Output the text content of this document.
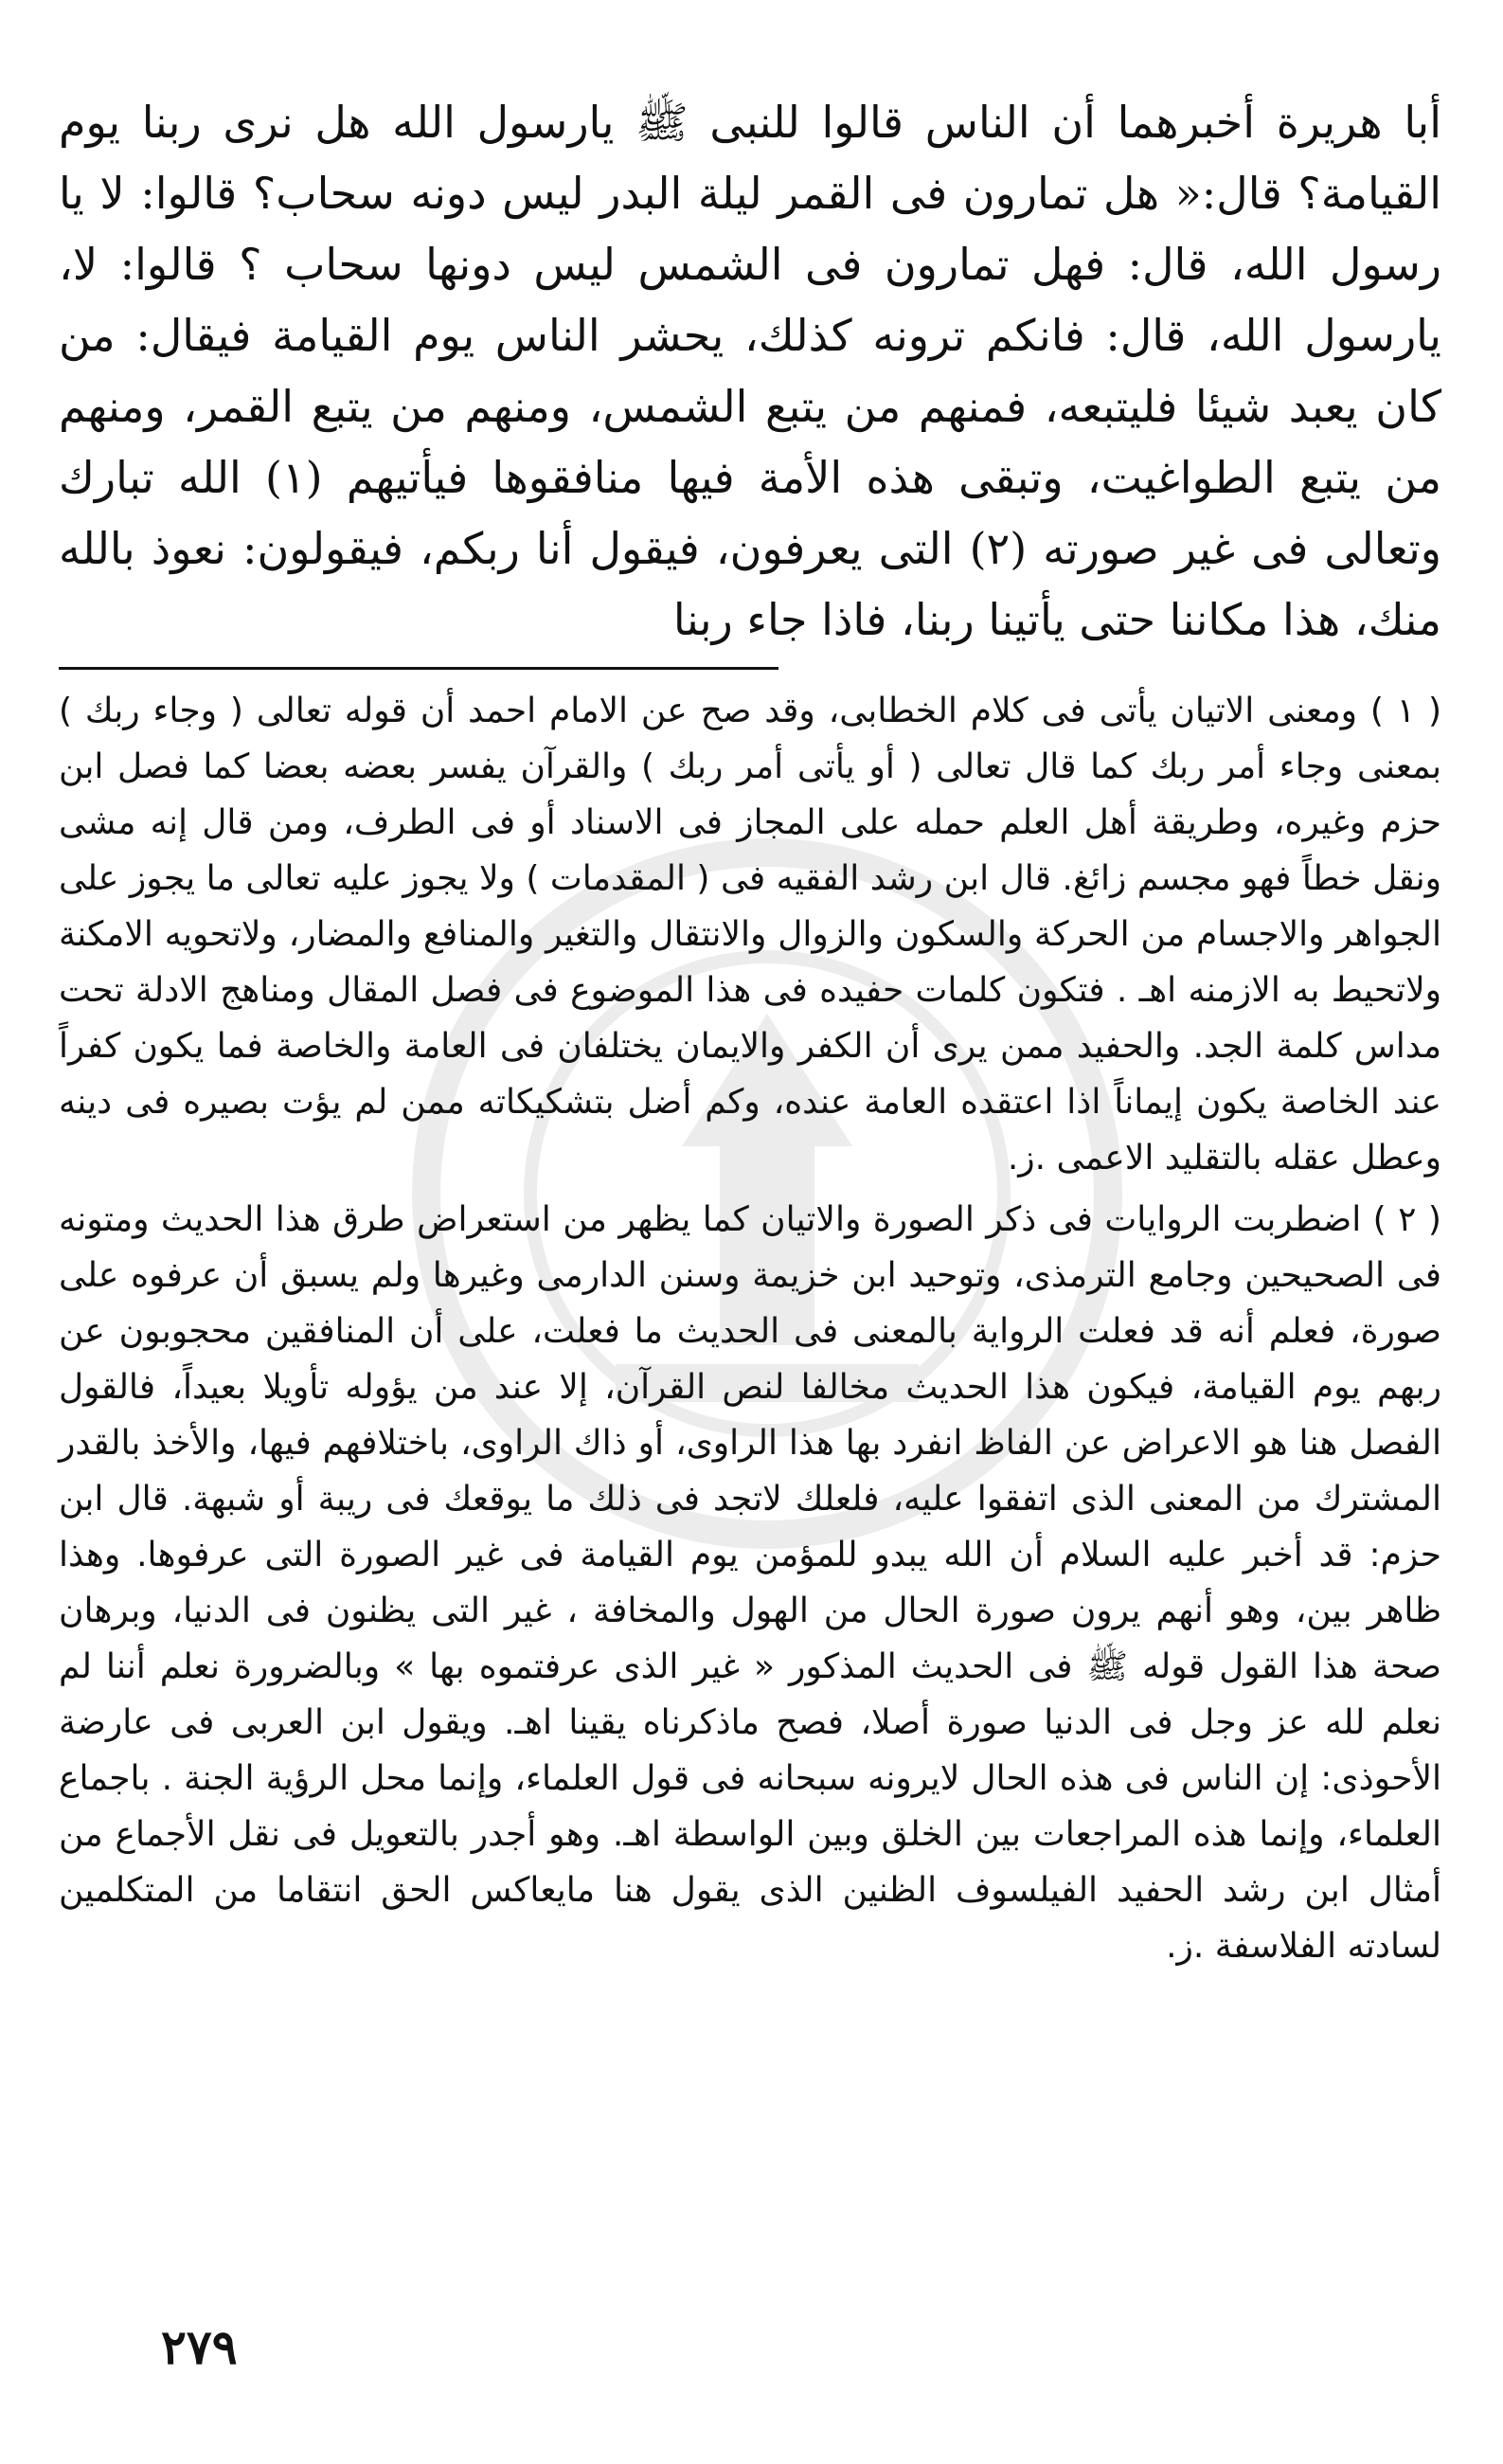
أبا هريرة أخبرهما أن الناس قالوا للنبى ﷺ يارسول الله هل نرى ربنا يوم القيامة؟ قال:« هل تمارون فى القمر ليلة البدر ليس دونه سحاب؟ قالوا: لا يا رسول الله، قال: فهل تمارون فى الشمس ليس دونها سحاب ؟ قالوا: لا، يارسول الله، قال: فانكم ترونه كذلك، يحشر الناس يوم القيامة فيقال: من كان يعبد شيئا فليتبعه، فمنهم من يتبع الشمس، ومنهم من يتبع القمر، ومنهم من يتبع الطواغيت، وتبقى هذه الأمة فيها منافقوها فيأتيهم (١) الله تبارك وتعالى فى غير صورته (٢) التى يعرفون، فيقول أنا ربكم، فيقولون: نعوذ بالله منك، هذا مكاننا حتى يأتينا ربنا، فاذا جاء ربنا

( ١ ) ومعنى الاتيان يأتى فى كلام الخطابى، وقد صح عن الامام احمد أن قوله تعالى ( وجاء ربك ) بمعنى وجاء أمر ربك كما قال تعالى ( أو يأتى أمر ربك ) والقرآن يفسر بعضه بعضا كما فصل ابن حزم وغيره، وطريقة أهل العلم حمله على المجاز فى الاسناد أو فى الطرف، ومن قال إنه مشى ونقل خطاً فهو مجسم زائغ. قال ابن رشد الفقيه فى ( المقدمات ) ولا يجوز عليه تعالى ما يجوز على الجواهر والاجسام من الحركة والسكون والزوال والانتقال والتغير والمنافع والمضار، ولاتحويه الامكنة ولاتحيط به الازمنه اهـ . فتكون كلمات حفيده فى هذا الموضوع فى فصل المقال ومناهج الادلة تحت مداس كلمة الجد. والحفيد ممن يرى أن الكفر والايمان يختلفان فى العامة والخاصة فما يكون كفراً عند الخاصة يكون إيماناً اذا اعتقده العامة عنده، وكم أضل بتشكيكاته ممن لم يؤت بصيره فى دينه وعطل عقله بالتقليد الاعمى .ز.

( ٢ ) اضطربت الروايات فى ذكر الصورة والاتيان كما يظهر من استعراض طرق هذا الحديث ومتونه فى الصحيحين وجامع الترمذى، وتوحيد ابن خزيمة وسنن الدارمى وغيرها ولم يسبق أن عرفوه على صورة، فعلم أنه قد فعلت الرواية بالمعنى فى الحديث ما فعلت، على أن المنافقين محجوبون عن ربهم يوم القيامة، فيكون هذا الحديث مخالفا لنص القرآن، إلا عند من يؤوله تأويلا بعيداً، فالقول الفصل هنا هو الاعراض عن الفاظ انفرد بها هذا الراوى، أو ذاك الراوى، باختلافهم فيها، والأخذ بالقدر المشترك من المعنى الذى اتفقوا عليه، فلعلك لاتجد فى ذلك ما يوقعك فى ريبة أو شبهة. قال ابن حزم: قد أخبر عليه السلام أن الله يبدو للمؤمن يوم القيامة فى غير الصورة التى عرفوها. وهذا ظاهر بين، وهو أنهم يرون صورة الحال من الهول والمخافة ، غير التى يظنون فى الدنيا، وبرهان صحة هذا القول قوله ﷺ فى الحديث المذكور « غير الذى عرفتموه بها » وبالضرورة نعلم أننا لم نعلم لله عز وجل فى الدنيا صورة أصلا، فصح ماذكرناه يقينا اهـ. ويقول ابن العربى فى عارضة الأحوذى: إن الناس فى هذه الحال لايرونه سبحانه فى قول العلماء، وإنما محل الرؤية الجنة . باجماع العلماء، وإنما هذه المراجعات بين الخلق وبين الواسطة اهـ. وهو أجدر بالتعويل فى نقل الأجماع من أمثال ابن رشد الحفيد الفيلسوف الظنين الذى يقول هنا مايعاكس الحق انتقاما من المتكلمين لسادته الفلاسفة .ز.

٢٧٩
